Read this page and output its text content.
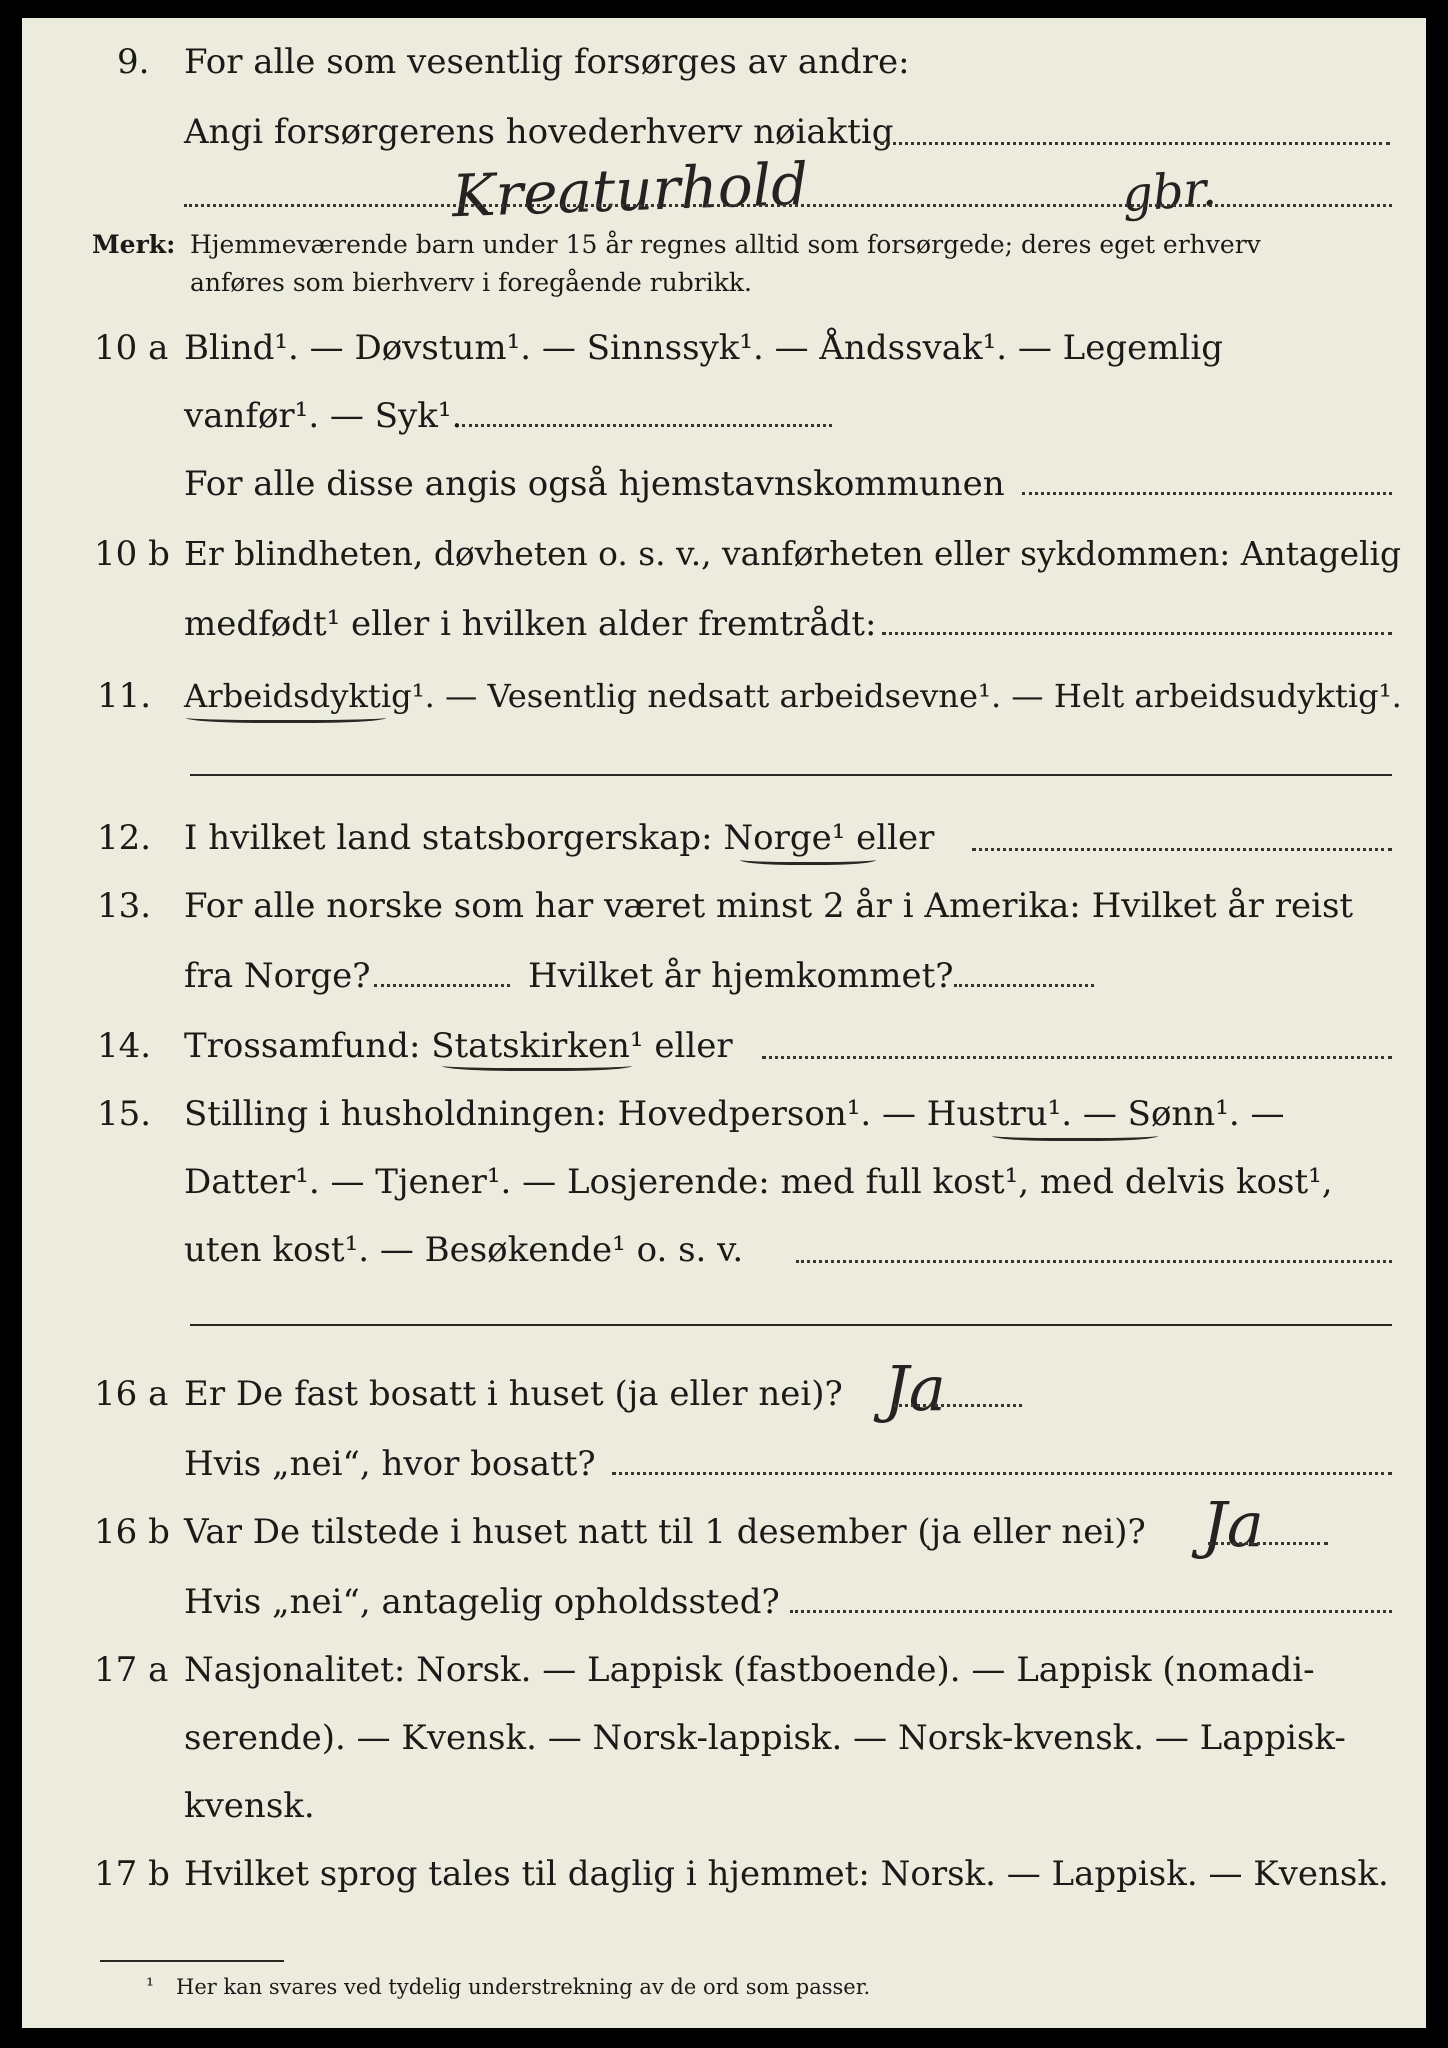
9. For alle som vesentlig forsørges av andre:
Angi forsørgerens hovederhverv nøiaktig
Kreaturhold	gbr.
Merk: Hjemmeværende barn under 15 år regnes alltid som forsørgede; deres eget erhverv
anføres som bierhverv i foregående rubrikk.
10 a Blind¹. — Døvstum¹. — Sinnssyk¹. — Åndssvak¹. — Legemlig
vanfør¹. — Syk¹.
For alle disse angis også hjemstavnskommunen
10 b Er blindheten, døvheten o. s. v., vanførheten eller sykdommen: Antagelig
medfødt¹ eller i hvilken alder fremtrådt:
11. Arbeidsdyktig¹. — Vesentlig nedsatt arbeidsevne¹. — Helt arbeidsudyktig¹.
12. I hvilket land statsborgerskap: Norge¹ eller
13. For alle norske som har været minst 2 år i Amerika: Hvilket år reist
fra Norge?	Hvilket år hjemkommet?
14. Trossamfund: Statskirken¹ eller
15. Stilling i husholdningen: Hovedperson¹. — Hustru¹. — Sønn¹. —
Datter¹. — Tjener¹. — Losjerende: med full kost¹, med delvis kost¹,
uten kost¹. — Besøkende¹ o. s. v.
16 a Er De fast bosatt i huset (ja eller nei)? Ja
Hvis „nei“, hvor bosatt?
16 b Var De tilstede i huset natt til 1 desember (ja eller nei)? Ja
Hvis „nei“, antagelig opholdssted?
17 a Nasjonalitet: Norsk. — Lappisk (fastboende). — Lappisk (nomadi-
serende). — Kvensk. — Norsk-lappisk. — Norsk-kvensk. — Lappisk-
kvensk.
17 b Hvilket sprog tales til daglig i hjemmet: Norsk. — Lappisk. — Kvensk.
¹ Her kan svares ved tydelig understrekning av de ord som passer.
